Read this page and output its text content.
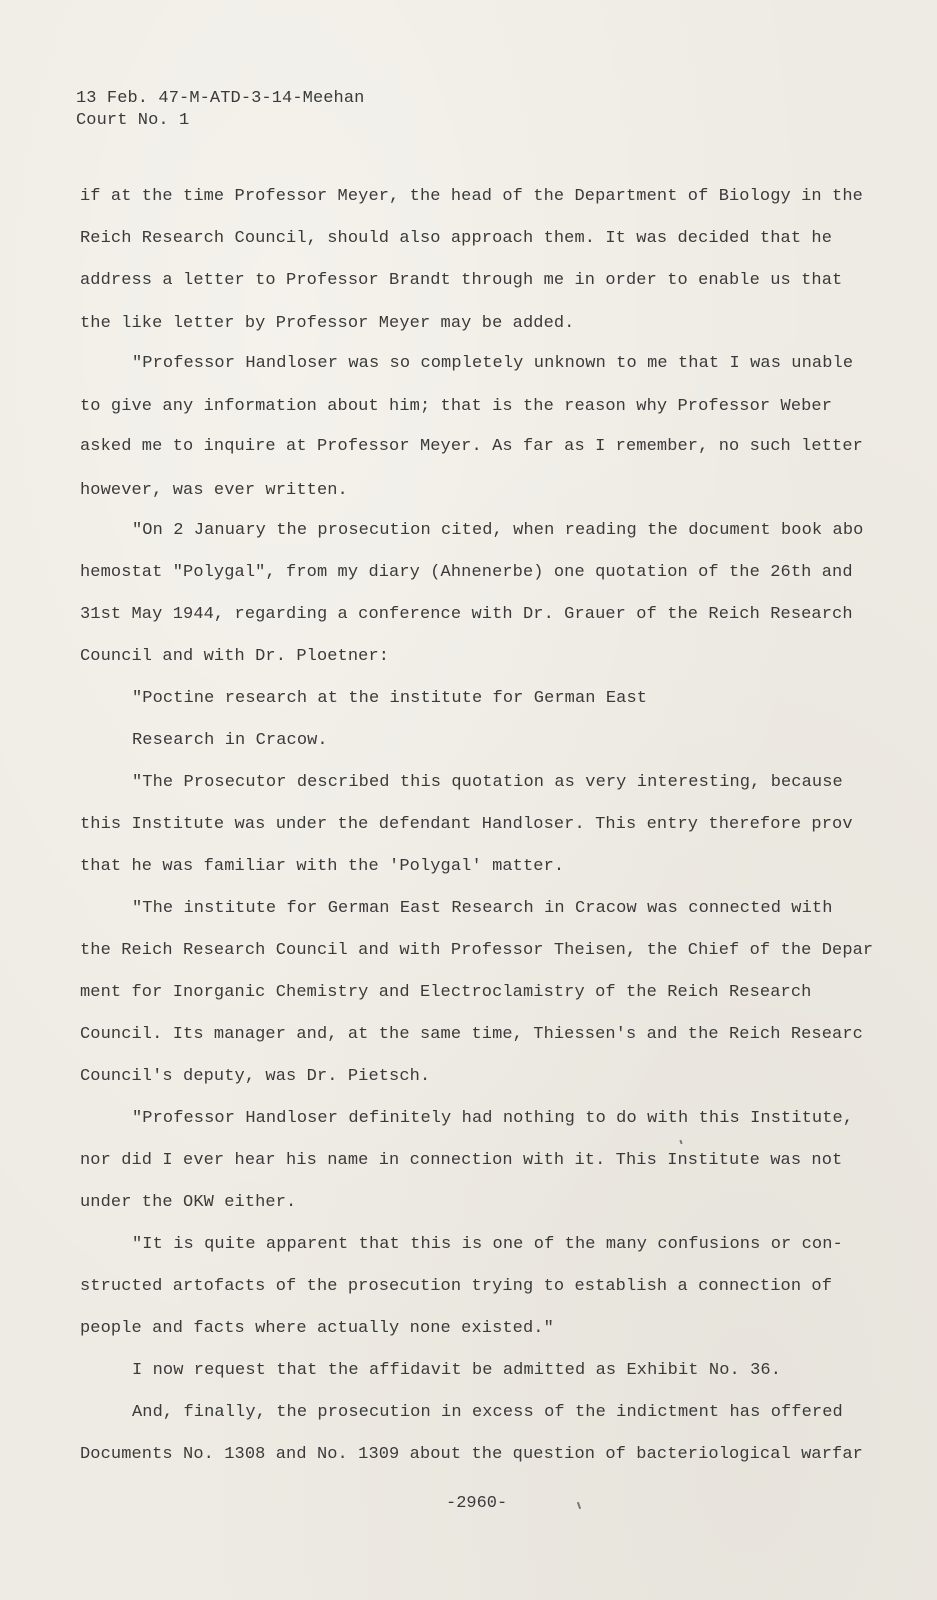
13 Feb. 47-M-ATD-3-14-Meehan
Court No. 1
if at the time Professor Meyer, the head of the Department of Biology in the
Reich Research Council, should also approach them. It was decided that he
address a letter to Professor Brandt through me in order to enable us that
the like letter by Professor Meyer may be added.
"Professor Handloser was so completely unknown to me that I was unable
to give any information about him; that is the reason why Professor Weber
asked me to inquire at Professor Meyer. As far as I remember, no such letter
however, was ever written.
"On 2 January the prosecution cited, when reading the document book abo
hemostat "Polygal", from my diary (Ahnenerbe) one quotation of the 26th and
31st May 1944, regarding a conference with Dr. Grauer of the Reich Research
Council and with Dr. Ploetner:
"Poctine research at the institute for German East
Research in Cracow.
"The Prosecutor described this quotation as very interesting, because
this Institute was under the defendant Handloser. This entry therefore prov
that he was familiar with the 'Polygal' matter.
"The institute for German East Research in Cracow was connected with
the Reich Research Council and with Professor Theisen, the Chief of the Depar
ment for Inorganic Chemistry and Electroclamistry of the Reich Research
Council. Its manager and, at the same time, Thiessen's and the Reich Researc
Council's deputy, was Dr. Pietsch.
"Professor Handloser definitely had nothing to do with this Institute,
nor did I ever hear his name in connection with it. This Institute was not
under the OKW either.
"It is quite apparent that this is one of the many confusions or con-
structed artofacts of the prosecution trying to establish a connection of
people and facts where actually none existed."
I now request that the affidavit be admitted as Exhibit No. 36.
And, finally, the prosecution in excess of the indictment has offered
Documents No. 1308 and No. 1309 about the question of bacteriological warfar
-2960-
